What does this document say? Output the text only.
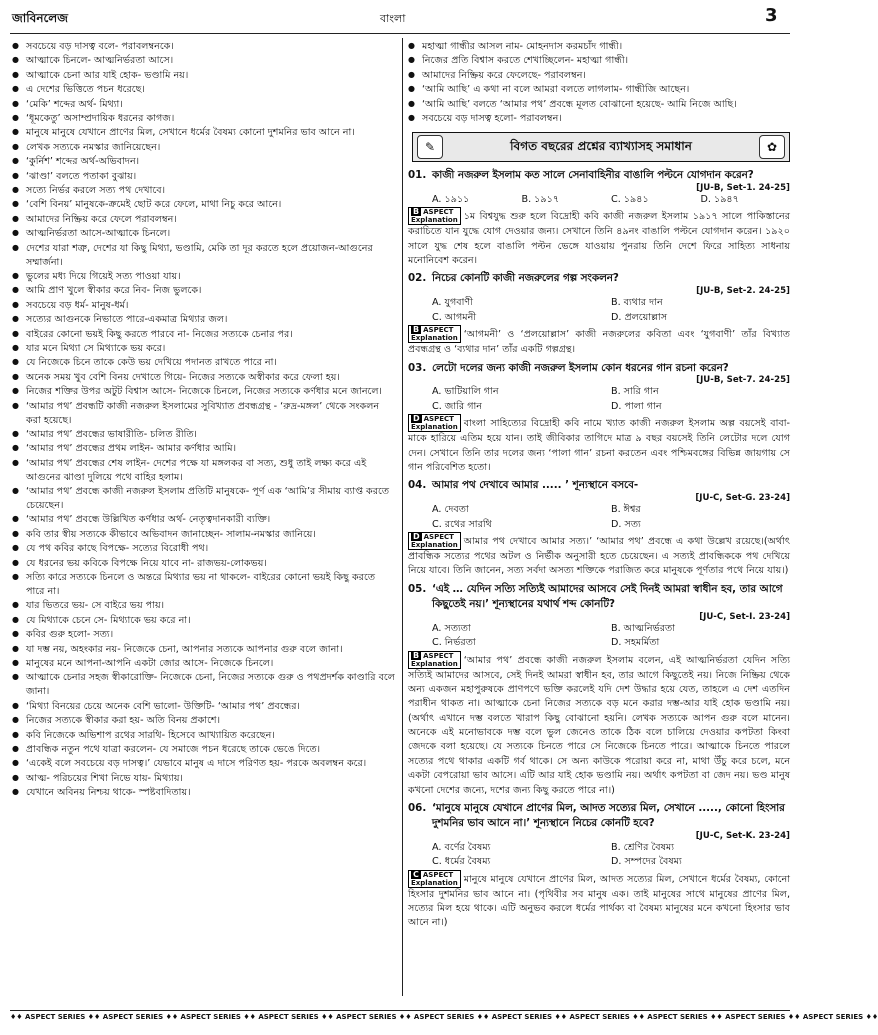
জাবিনলেজ	বাংলা	3
● সবচেয়ে বড় দাসত্ব বলে- পরাবলম্বনকে।
● আত্মাকে চিনলে- আত্মনির্ভরতা আসে।
● আত্মাকে চেনা আর যাই হোক- ভণ্ডামি নয়।
● এ দেশের ভিত্তিতে পচন ধরেছে।
● ‘মেকি’ শব্দের অর্থ- মিথ্যা।
● ‘ধূমকেতু’ অসাম্প্রদায়িক ধরনের কাগজ।
● মানুষে মানুষে যেখানে প্রাণের মিল, সেখানে ধর্মের বৈষম্য কোনো দুশমনির ভাব আনে না।
● লেখক সত্যকে নমস্কার জানিয়েছেন।
● ‘কুর্নিশ’ শব্দের অর্থ-অভিবাদন।
● ‘ঝাণ্ডা’ বলতে পতাকা বুঝায়।
● সত্যে নির্ভর করলে সত্য পথ দেখাবে।
● ‘বেশি বিনয়’ মানুষকে-ক্রমেই ছোট করে ফেলে, মাথা নিচু করে আনে।
● আমাদের নিষ্ক্রিয় করে ফেলে পরাবলম্বন।
● আত্মনির্ভরতা আসে-আত্মাকে চিনলে।
● দেশের যারা শত্রু, দেশের যা কিছু মিথ্যা, ভণ্ডামি, মেকি তা দূর করতে হলে প্রয়োজন-আগুনের সম্মার্জনা।
● ভুলের মধ্য দিয়ে গিয়েই সত্য পাওয়া যায়।
● আমি প্রাণ খুলে স্বীকার করে নিব- নিজ ভুলকে।
● সবচেয়ে বড় ধর্ম- মানুষ-ধর্ম।
● সত্যের আগুনকে নিভাতে পারে-একমাত্র মিথ্যার জল।
● বাইরের কোনো ভয়ই কিছু করতে পারবে না- নিজের সত্যকে চেনার পর।
● যার মনে মিথ্যা সে মিথ্যাকে ভয় করে।
● যে নিজেকে চিনে তাকে কেউ ভয় দেখিয়ে পদানত রাখতে পারে না।
● অনেক সময় খুব বেশি বিনয় দেখাতে গিয়ে- নিজের সত্যকে অস্বীকার করে ফেলা হয়।
● নিজের শক্তির উপর অটুট বিশ্বাস আসে- নিজেকে চিনলে, নিজের সত্যকে কর্ণধার মনে জানলে।
● ‘আমার পথ’ প্রবন্ধটি কাজী নজরুল ইসলামের সুবিখ্যাত প্রবন্ধগ্রন্থ - ‘রুদ্র-মঙ্গল’ থেকে সংকলন করা হয়েছে।
● ‘আমার পথ’ প্রবন্ধের ভাষারীতি- চলিত রীতি।
● ‘আমার পথ’ প্রবন্ধের প্রথম লাইন- আমার কর্ণধার আমি।
● ‘আমার পথ’ প্রবন্ধের শেষ লাইন- দেশের পক্ষে যা মঙ্গলকর বা সত্য, শুধু তাই লক্ষ্য করে এই আগুনের ঝাণ্ডা দুলিয়ে পথে বাহির হলাম।
● ‘আমার পথ’ প্রবন্ধে কাজী নজরুল ইসলাম প্রতিটি মানুষকে- পূর্ণ এক ‘আমি’র সীমায় ব্যাপ্ত করতে চেয়েছেন।
● ‘আমার পথ’ প্রবন্ধে উল্লিখিত কর্ণধার অর্থ- নেতৃত্বদানকারী ব্যক্তি।
● কবি তার স্বীয় সত্যকে কীভাবে অভিবাদন জানাচ্ছেন- সালাম-নমস্কার জানিয়ে।
● যে পথ কবির কাছে বিপক্ষে- সত্যের বিরোধী পথ।
● যে ধরনের ভয় কবিকে বিপক্ষে নিয়ে যাবে না- রাজভয়-লোকভয়।
● সত্যি কারে সত্যকে চিনলে ও অন্তরে মিথ্যার ভয় না থাকলে- বাইরের কোনো ভয়ই কিছু করতে পারে না।
● যার ভিতরে ভয়- সে বাইরে ভয় পায়।
● যে মিথ্যাকে চেনে সে- মিথ্যাকে ভয় করে না।
● কবির গুরু হলো- সত্য।
● যা দম্ভ নয়, অহংকার নয়- নিজেকে চেনা, আপনার সত্যকে আপনার গুরু বলে জানা।
● মানুষের মনে আপনা-আপনি একটা জোর আসে- নিজেকে চিনলে।
● আত্মাকে চেনার সহজ স্বীকারোক্তি- নিজেকে চেনা, নিজের সত্যকে গুরু ও পথপ্রদর্শক কাণ্ডারি বলে জানা।
● ‘মিথ্যা বিনয়ের চেয়ে অনেক বেশি ভালো- উক্তিটি- ‘আমার পথ’ প্রবন্ধের।
● নিজের সত্যকে স্বীকার করা হয়- অতি বিনয় প্রকাশে।
● কবি নিজেকে অভিশাপ রথের সারথি- হিসেবে আখ্যায়িত করেছেন।
● প্রাবন্ধিক নতুন পথে যাত্রা করলেন- যে সমাজে পচন ধরেছে তাকে ভেঙে দিতে।
● ‘একেই বলে সবচেয়ে বড় দাসত্ব।’ যেভাবে মানুষ এ দাসে পরিণত হয়- পরকে অবলম্বন করে।
● আত্ম- পরিচয়ের শিখা নিভে যায়- মিথ্যায়।
● যেখানে অবিনয় নিশ্চয় থাকে- স্পষ্টবাদিতায়।
● মহাত্মা গান্ধীর আসল নাম- মোহনদাস করমচাঁদ গান্ধী।
● নিজের প্রতি বিশ্বাস করতে শেখাচ্ছিলেন- মহাত্মা গান্ধী।
● আমাদের নিষ্ক্রিয় করে ফেলেছে- পরাবলম্বন।
● ‘আমি আছি’ এ কথা না বলে আমরা বলতে লাগলাম- গান্ধীজি আছেন।
● ‘আমি আছি’ বলতে ‘আমার পথ’ প্রবন্ধে মূলত বোঝানো হয়েছে- আমি নিজে আছি।
● সবচেয়ে বড় দাসত্ব হলো- পরাবলম্বন।
✎	বিগত বছরের প্রশ্নের ব্যাখ্যাসহ সমাধান	✿
01. কাজী নজরুল ইসলাম কত সালে সেনাবাহিনীর বাঙালি পল্টনে যোগদান করেন?
[JU-B, Set-1. 24-25]
A. ১৯১১	B. ১৯১৭	C. ১৯৪১	D. ১৯৪৭
B ASPECT
Explanation ১ম বিশ্বযুদ্ধ শুরু হলে বিদ্রোহী কবি কাজী নজরুল ইসলাম ১৯১৭ সালে পাকিস্তানের করাচিতে যান যুদ্ধে যোগ দেওয়ার জন্য। সেখানে তিনি ৪৯নং বাঙালি পল্টনে যোগদান করেন। ১৯২০ সালে যুদ্ধ শেষ হলে বাঙালি পল্টন ভেঙ্গে যাওয়ায় পুনরায় তিনি দেশে ফিরে সাহিত্য সাধনায় মনোনিবেশ করেন।
02. নিচের কোনটি কাজী নজরুলের গল্প সংকলন?
[JU-B, Set-2. 24-25]
A. যুগবাণী	B. ব্যথার দান
C. আগমনী	D. প্রলয়োল্লাস
B ASPECT
Explanation ‘আগমনী’ ও ‘প্রলয়োল্লাস’ কাজী নজরুলের কবিতা এবং ‘যুগবাণী’ তাঁর বিখ্যাত প্রবন্ধগ্রন্থ ও ‘ব্যথার দান’ তাঁর একটি গল্পগ্রন্থ।
03. লেটো দলের জন্য কাজী নজরুল ইসলাম কোন ধরনের গান রচনা করেন?
[JU-B, Set-7. 24-25]
A. ভাটিয়ালি গান	B. সারি গান
C. জারি গান	D. পালা গান
D ASPECT
Explanation বাংলা সাহিত্যের বিদ্রোহী কবি নামে খ্যাত কাজী নজরুল ইসলাম অল্প বয়সেই বাবা-মাকে হারিয়ে এতিম হয়ে যান। তাই জীবিকার তাগিদে মাত্র ৯ বছর বয়সেই তিনি লেটোর দলে যোগ দেন। সেখানে তিনি তার দলের জন্য ‘পালা গান’ রচনা করতেন এবং পশ্চিমবঙ্গের বিভিন্ন জায়গায় সে গান পরিবেশিত হতো।
04. আমার পথ দেখাবে আমার ..... ’ শূন্যস্থানে বসবে-
[JU-C, Set-G. 23-24]
A. দেবতা	B. ঈশ্বর
C. রথের সারথি	D. সত্য
D ASPECT
Explanation আমার পথ দেখাবে আমার সত্য।’ ‘আমার পথ’ প্রবন্ধে এ কথা উল্লেখ রয়েছে।(অর্থাৎ প্রাবন্ধিক সত্যের পথের অটল ও নির্ভীক অনুসারী হতে চেয়েছেন। এ সত্যই প্রাবন্ধিককে পথ দেখিয়ে নিয়ে যাবে। তিনি জানেন, সত্য সর্বদা অসত্য শক্তিকে পরাজিত করে মানুষকে পূর্ণতার পথে নিয়ে যায়।)
05. ‘এই … যেদিন সত্যি সত্যিই আমাদের আসবে সেই দিনই আমরা স্বাধীন হব, তার আগে কিছুতেই নয়।’ শূন্যস্থানের যথার্থ শব্দ কোনটি?
[JU-C, Set-I. 23-24]
A. সত্যতা	B. আত্মনির্ভরতা
C. নির্ভরতা	D. সহমর্মিতা
B ASPECT
Explanation ‘আমার পথ’ প্রবন্ধে কাজী নজরুল ইসলাম বলেন, এই আত্মনির্ভরতা যেদিন সত্যি সত্যিই আমাদের আসবে, সেই দিনই আমরা স্বাধীন হব, তার আগে কিছুতেই নয়। নিজে নিষ্ক্রিয় থেকে অন্য একজন মহাপুরুষকে প্রাণপণে ভক্তি করলেই যদি দেশ উদ্ধার হয়ে যেত, তাহলে এ দেশ এতদিন পরাধীন থাকত না। আত্মাকে চেনা নিজের সত্যকে বড় মনে করার দম্ভ-আর যাই হোক ভণ্ডামি নয়। (অর্থাৎ এখানে দম্ভ বলতে খারাপ কিছু বোঝানো হয়নি। লেখক সত্যকে আপন গুরু বলে মানেন। অনেকে এই মনোভাবকে দম্ভ বলে ভুল জেনেও তাকে ঠিক বলে চালিয়ে দেওয়ার কপটতা কিংবা জেদকে বলা হয়েছে। যে সত্যকে চিনতে পারে সে নিজেকে চিনতে পারে। আত্মাকে চিনতে পারলে সত্যের পথে থাকার একটি গর্ব থাকে। সে অন্য কাউকে পরোয়া করে না, মাথা উঁচু করে চলে, মনে একটা বেপরোয়া ভাব আসে। এটি আর যাই হোক ভণ্ডামি নয়। অর্থাৎ কপটতা বা জেদ নয়। ভণ্ড মানুষ কখনো দেশের জন্যে, দশের জন্য কিছু করতে পারে না।)
06. ‘মানুষে মানুষে যেখানে প্রাণের মিল, আদত সত্যের মিল, সেখানে ....., কোনো হিংসার দুশমনির ভাব আনে না।’ শূন্যস্থানে নিচের কোনটি হবে?
[JU-C, Set-K. 23-24]
A. বর্ণের বৈষম্য	B. শ্রেণির বৈষম্য
C. ধর্মের বৈষম্য	D. সম্পদের বৈষম্য
C ASPECT
Explanation মানুষে মানুষে যেখানে প্রাণের মিল, আদত সত্যের মিল, সেখানে ধর্মের বৈষম্য, কোনো হিংসার দুশমনির ভাব আনে না। (পৃথিবীর সব মানুষ এক। তাই মানুষের সাথে মানুষের প্রাণের মিল, সত্যের মিল হয়ে থাকে। এটি অনুভব করলে ধর্মের পার্থক্য বা বৈষম্য মানুষের মনে কখনো হিংসার ভাব আনে না।)
♦♦ ASPECT SERIES ♦♦ ASPECT SERIES ♦♦ ASPECT SERIES ♦♦ ASPECT SERIES ♦♦ ASPECT SERIES ♦♦ ASPECT SERIES ♦♦ ASPECT SERIES ♦♦ ASPECT SERIES ♦♦ ASPECT SERIES ♦♦ ASPECT SERIES ♦♦ ASPECT SERIES ♦♦
